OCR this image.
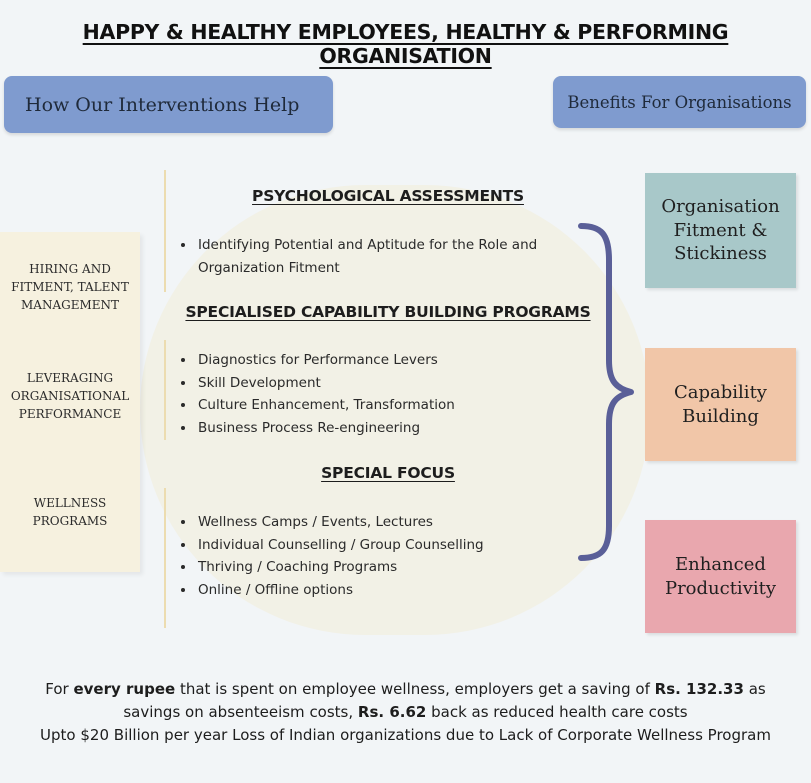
HAPPY & HEALTHY EMPLOYEES, HEALTHY & PERFORMING ORGANISATION
How Our Interventions Help	Benefits For Organisations
HIRING AND
FITMENT, TALENT
MANAGEMENT
LEVERAGING
ORGANISATIONAL
PERFORMANCE
WELLNESS
PROGRAMS
PSYCHOLOGICAL ASSESSMENTS
• Identifying Potential and Aptitude for the Role and Organization Fitment
SPECIALISED CAPABILITY BUILDING PROGRAMS
• Diagnostics for Performance Levers
• Skill Development
• Culture Enhancement, Transformation
• Business Process Re-engineering
SPECIAL FOCUS
• Wellness Camps / Events, Lectures
• Individual Counselling / Group Counselling
• Thriving / Coaching Programs
• Online / Offline options
Organisation
Fitment &
Stickiness
Capability
Building
Enhanced
Productivity
For every rupee that is spent on employee wellness, employers get a saving of Rs. 132.33 as
savings on absenteeism costs, Rs. 6.62 back as reduced health care costs
Upto $20 Billion per year Loss of Indian organizations due to Lack of Corporate Wellness Program
